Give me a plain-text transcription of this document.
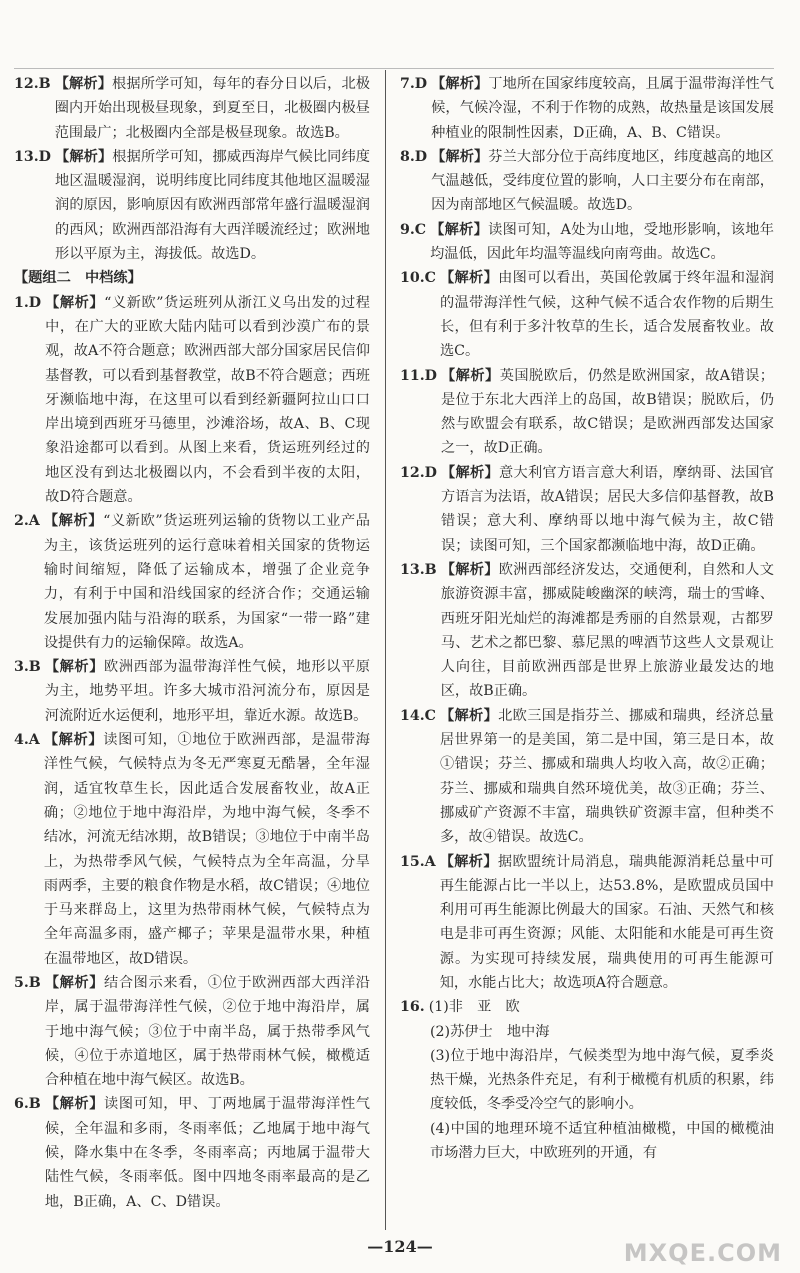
12.B 【解析】根据所学可知，每年的春分日以后，北极圈内开始出现极昼现象，到夏至日，北极圈内极昼范围最广；北极圈内全部是极昼现象。故选B。
13.D 【解析】根据所学可知，挪威西海岸气候比同纬度地区温暖湿润，说明纬度比同纬度其他地区温暖湿润的原因，影响原因有欧洲西部常年盛行温暖湿润的西风；欧洲西部沿海有大西洋暖流经过；欧洲地形以平原为主，海拔低。故选D。
【题组二　中档练】
1.D 【解析】“义新欧”货运班列从浙江义乌出发的过程中，在广大的亚欧大陆内陆可以看到沙漠广布的景观，故A不符合题意；欧洲西部大部分国家居民信仰基督教，可以看到基督教堂，故B不符合题意；西班牙濒临地中海，在这里可以看到经新疆阿拉山口口岸出境到西班牙马德里，沙滩浴场，故A、B、C现象沿途都可以看到。从图上来看，货运班列经过的地区没有到达北极圈以内，不会看到半夜的太阳，故D符合题意。
2.A 【解析】“义新欧”货运班列运输的货物以工业产品为主，该货运班列的运行意味着相关国家的货物运输时间缩短，降低了运输成本，增强了企业竞争力，有利于中国和沿线国家的经济合作；交通运输发展加强内陆与沿海的联系，为国家“一带一路”建设提供有力的运输保障。故选A。
3.B 【解析】欧洲西部为温带海洋性气候，地形以平原为主，地势平坦。许多大城市沿河流分布，原因是河流附近水运便利，地形平坦，靠近水源。故选B。
4.A 【解析】读图可知，①地位于欧洲西部，是温带海洋性气候，气候特点为冬无严寒夏无酷暑，全年湿润，适宜牧草生长，因此适合发展畜牧业，故A正确；②地位于地中海沿岸，为地中海气候，冬季不结冰，河流无结冰期，故B错误；③地位于中南半岛上，为热带季风气候，气候特点为全年高温，分旱雨两季，主要的粮食作物是水稻，故C错误；④地位于马来群岛上，这里为热带雨林气候，气候特点为全年高温多雨，盛产椰子；苹果是温带水果，种植在温带地区，故D错误。
5.B 【解析】结合图示来看，①位于欧洲西部大西洋沿岸，属于温带海洋性气候，②位于地中海沿岸，属于地中海气候；③位于中南半岛，属于热带季风气候，④位于赤道地区，属于热带雨林气候，橄榄适合种植在地中海气候区。故选B。
6.B 【解析】读图可知，甲、丁两地属于温带海洋性气候，全年温和多雨，冬雨率低；乙地属于地中海气候，降水集中在冬季，冬雨率高；丙地属于温带大陆性气候，冬雨率低。图中四地冬雨率最高的是乙地，B正确，A、C、D错误。
7.D 【解析】丁地所在国家纬度较高，且属于温带海洋性气候，气候冷湿，不利于作物的成熟，故热量是该国发展种植业的限制性因素，D正确，A、B、C错误。
8.D 【解析】芬兰大部分位于高纬度地区，纬度越高的地区气温越低，受纬度位置的影响，人口主要分布在南部，因为南部地区气候温暖。故选D。
9.C 【解析】读图可知，A处为山地，受地形影响，该地年均温低，因此年均温等温线向南弯曲。故选C。
10.C 【解析】由图可以看出，英国伦敦属于终年温和湿润的温带海洋性气候，这种气候不适合农作物的后期生长，但有利于多汁牧草的生长，适合发展畜牧业。故选C。
11.D 【解析】英国脱欧后，仍然是欧洲国家，故A错误；是位于东北大西洋上的岛国，故B错误；脱欧后，仍然与欧盟会有联系，故C错误；是欧洲西部发达国家之一，故D正确。
12.D 【解析】意大利官方语言意大利语，摩纳哥、法国官方语言为法语，故A错误；居民大多信仰基督教，故B错误；意大利、摩纳哥以地中海气候为主，故C错误；读图可知，三个国家都濒临地中海，故D正确。
13.B 【解析】欧洲西部经济发达，交通便利，自然和人文旅游资源丰富，挪威陡峻幽深的峡湾，瑞士的雪峰、西班牙阳光灿烂的海滩都是秀丽的自然景观，古都罗马、艺术之都巴黎、慕尼黑的啤酒节这些人文景观让人向往，目前欧洲西部是世界上旅游业最发达的地区，故B正确。
14.C 【解析】北欧三国是指芬兰、挪威和瑞典，经济总量居世界第一的是美国，第二是中国，第三是日本，故①错误；芬兰、挪威和瑞典人均收入高，故②正确；芬兰、挪威和瑞典自然环境优美，故③正确；芬兰、挪威矿产资源不丰富，瑞典铁矿资源丰富，但种类不多，故④错误。故选C。
15.A 【解析】据欧盟统计局消息，瑞典能源消耗总量中可再生能源占比一半以上，达53.8%，是欧盟成员国中利用可再生能源比例最大的国家。石油、天然气和核电是非可再生资源；风能、太阳能和水能是可再生资源。为实现可持续发展，瑞典使用的可再生能源可知，水能占比大；故选项A符合题意。
16. (1)非　亚　欧
(2)苏伊士　地中海
(3)位于地中海沿岸，气候类型为地中海气候，夏季炎热干燥，光热条件充足，有利于橄榄有机质的积累，纬度较低，冬季受冷空气的影响小。
(4)中国的地理环境不适宜种植油橄榄，中国的橄榄油市场潜力巨大，中欧班列的开通，有
—124—	MXQE.COM
